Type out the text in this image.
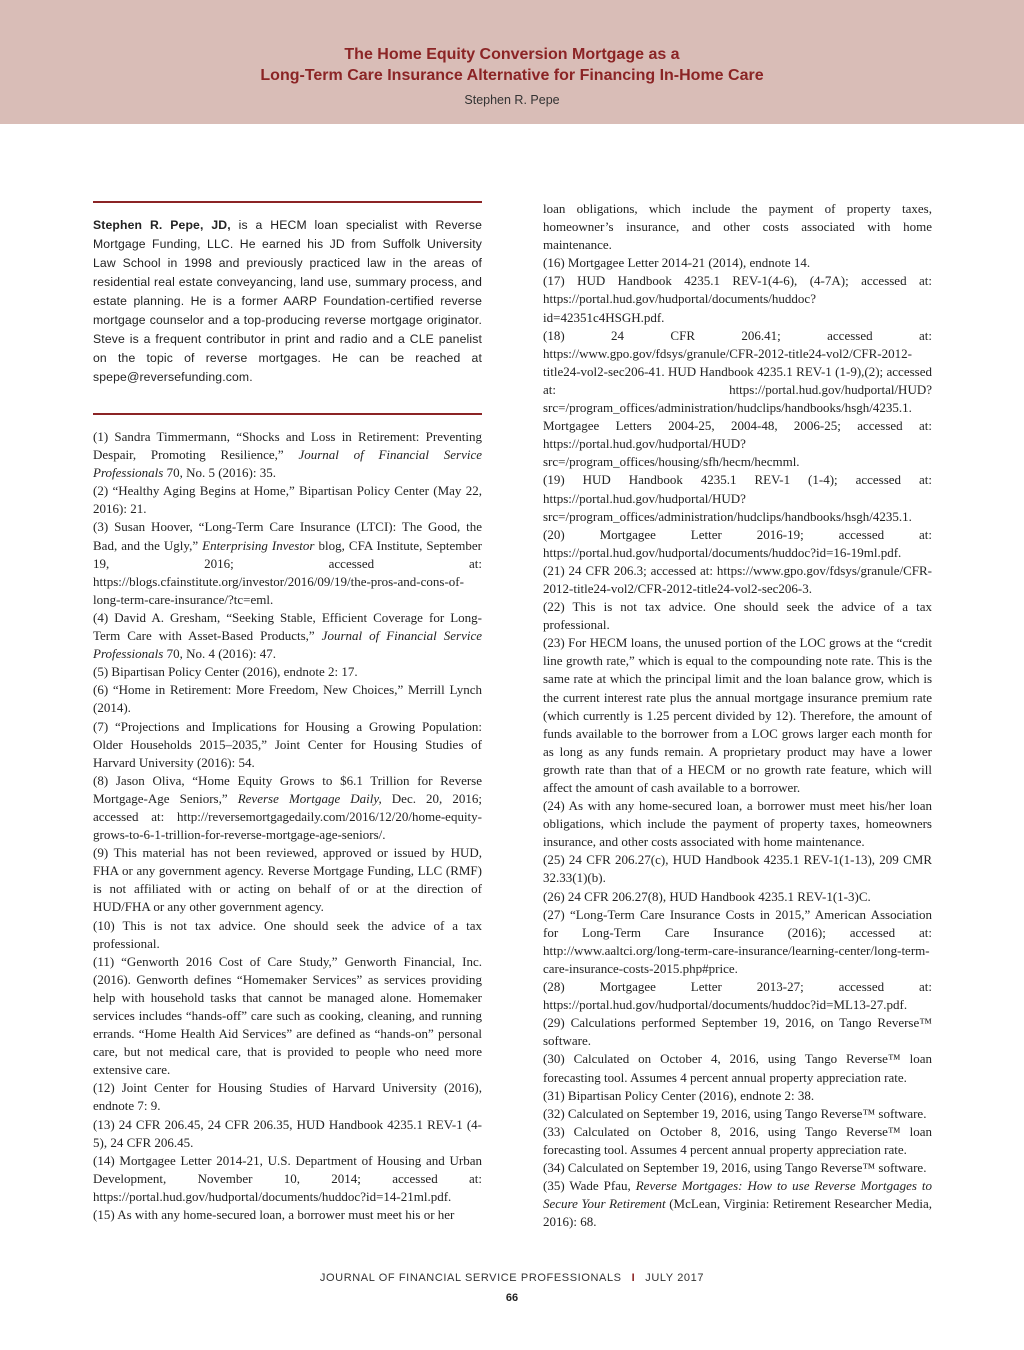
The Home Equity Conversion Mortgage as a

Long-Term Care Insurance Alternative for Financing In-Home Care

Stephen R. Pepe
Stephen R. Pepe, JD, is a HECM loan specialist with Reverse Mortgage Funding, LLC. He earned his JD from Suffolk University Law School in 1998 and previously practiced law in the areas of residential real estate conveyancing, land use, summary process, and estate planning. He is a former AARP Foundation-certified reverse mortgage counselor and a top-producing reverse mortgage originator. Steve is a frequent contributor in print and radio and a CLE panelist on the topic of reverse mortgages. He can be reached at spepe@reversefunding.com.

(1) Sandra Timmermann, “Shocks and Loss in Retirement: Preventing Despair, Promoting Resilience,” Journal of Financial Service Professionals 70, No. 5 (2016): 35.

(2) “Healthy Aging Begins at Home,” Bipartisan Policy Center (May 22, 2016): 21.

(3) Susan Hoover, “Long-Term Care Insurance (LTCI): The Good, the Bad, and the Ugly,” Enterprising Investor blog, CFA Institute, September 19, 2016; accessed at: https://blogs.cfainstitute.org/investor/2016/09/19/the-pros-and-cons-of-long-term-care-insurance/?tc=eml.

(4) David A. Gresham, “Seeking Stable, Efficient Coverage for Long-Term Care with Asset-Based Products,” Journal of Financial Service Professionals 70, No. 4 (2016): 47.

(5) Bipartisan Policy Center (2016), endnote 2: 17.

(6) “Home in Retirement: More Freedom, New Choices,” Merrill Lynch (2014).

(7) “Projections and Implications for Housing a Growing Population: Older Households 2015–2035,” Joint Center for Housing Studies of Harvard University (2016): 54.

(8) Jason Oliva, “Home Equity Grows to $6.1 Trillion for Reverse Mortgage-Age Seniors,” Reverse Mortgage Daily, Dec. 20, 2016; accessed at: http://reversemortgagedaily.com/2016/12/20/home-equity-grows-to-6-1-trillion-for-reverse-mortgage-age-seniors/.

(9) This material has not been reviewed, approved or issued by HUD, FHA or any government agency. Reverse Mortgage Funding, LLC (RMF) is not affiliated with or acting on behalf of or at the direction of HUD/FHA or any other government agency.

(10) This is not tax advice. One should seek the advice of a tax professional.

(11) “Genworth 2016 Cost of Care Study,” Genworth Financial, Inc. (2016). Genworth defines “Homemaker Services” as services providing help with household tasks that cannot be managed alone. Homemaker services includes “hands-off” care such as cooking, cleaning, and running errands. “Home Health Aid Services” are defined as “hands-on” personal care, but not medical care, that is provided to people who need more extensive care.

(12) Joint Center for Housing Studies of Harvard University (2016), endnote 7: 9.

(13) 24 CFR 206.45, 24 CFR 206.35, HUD Handbook 4235.1 REV-1 (4-5), 24 CFR 206.45.

(14) Mortgagee Letter 2014-21, U.S. Department of Housing and Urban Development, November 10, 2014; accessed at: https://portal.hud.gov/hudportal/documents/huddoc?id=14-21ml.pdf.

(15) As with any home-secured loan, a borrower must meet his or her

loan obligations, which include the payment of property taxes, homeowner’s insurance, and other costs associated with home maintenance.

(16) Mortgagee Letter 2014-21 (2014), endnote 14.

(17) HUD Handbook 4235.1 REV-1(4-6), (4-7A); accessed at: https://portal.hud.gov/hudportal/documents/huddoc?id=42351c4HSGH.pdf.

(18) 24 CFR 206.41; accessed at: https://www.gpo.gov/fdsys/granule/CFR-2012-title24-vol2/CFR-2012-title24-vol2-sec206-41. HUD Handbook 4235.1 REV-1 (1-9),(2); accessed at: https://portal.hud.gov/hudportal/HUD?src=/program_offices/administration/hudclips/handbooks/hsgh/4235.1. Mortgagee Letters 2004-25, 2004-48, 2006-25; accessed at: https://portal.hud.gov/hudportal/HUD?src=/program_offices/housing/sfh/hecm/hecmml.

(19) HUD Handbook 4235.1 REV-1 (1-4); accessed at: https://portal.hud.gov/hudportal/HUD?src=/program_offices/administration/hudclips/handbooks/hsgh/4235.1.

(20) Mortgagee Letter 2016-19; accessed at: https://portal.hud.gov/hudportal/documents/huddoc?id=16-19ml.pdf.

(21) 24 CFR 206.3; accessed at: https://www.gpo.gov/fdsys/granule/CFR-2012-title24-vol2/CFR-2012-title24-vol2-sec206-3.

(22) This is not tax advice. One should seek the advice of a tax professional.

(23) For HECM loans, the unused portion of the LOC grows at the “credit line growth rate,” which is equal to the compounding note rate. This is the same rate at which the principal limit and the loan balance grow, which is the current interest rate plus the annual mortgage insurance premium rate (which currently is 1.25 percent divided by 12). Therefore, the amount of funds available to the borrower from a LOC grows larger each month for as long as any funds remain. A proprietary product may have a lower growth rate than that of a HECM or no growth rate feature, which will affect the amount of cash available to a borrower.

(24) As with any home-secured loan, a borrower must meet his/her loan obligations, which include the payment of property taxes, homeowners insurance, and other costs associated with home maintenance.

(25) 24 CFR 206.27(c), HUD Handbook 4235.1 REV-1(1-13), 209 CMR 32.33(1)(b).

(26) 24 CFR 206.27(8), HUD Handbook 4235.1 REV-1(1-3)C.

(27) “Long-Term Care Insurance Costs in 2015,” American Association for Long-Term Care Insurance (2016); accessed at: http://www.aaltci.org/long-term-care-insurance/learning-center/long-term-care-insurance-costs-2015.php#price.

(28) Mortgagee Letter 2013-27; accessed at: https://portal.hud.gov/hudportal/documents/huddoc?id=ML13-27.pdf.

(29) Calculations performed September 19, 2016, on Tango Reverse™ software.

(30) Calculated on October 4, 2016, using Tango Reverse™ loan forecasting tool. Assumes 4 percent annual property appreciation rate.

(31) Bipartisan Policy Center (2016), endnote 2: 38.

(32) Calculated on September 19, 2016, using Tango Reverse™ software.

(33) Calculated on October 8, 2016, using Tango Reverse™ loan forecasting tool. Assumes 4 percent annual property appreciation rate.

(34) Calculated on September 19, 2016, using Tango Reverse™ software.

(35) Wade Pfau, Reverse Mortgages: How to use Reverse Mortgages to Secure Your Retirement (McLean, Virginia: Retirement Researcher Media, 2016): 68.

JOURNAL OF FINANCIAL SERVICE PROFESSIONALS I JULY 2017
66
